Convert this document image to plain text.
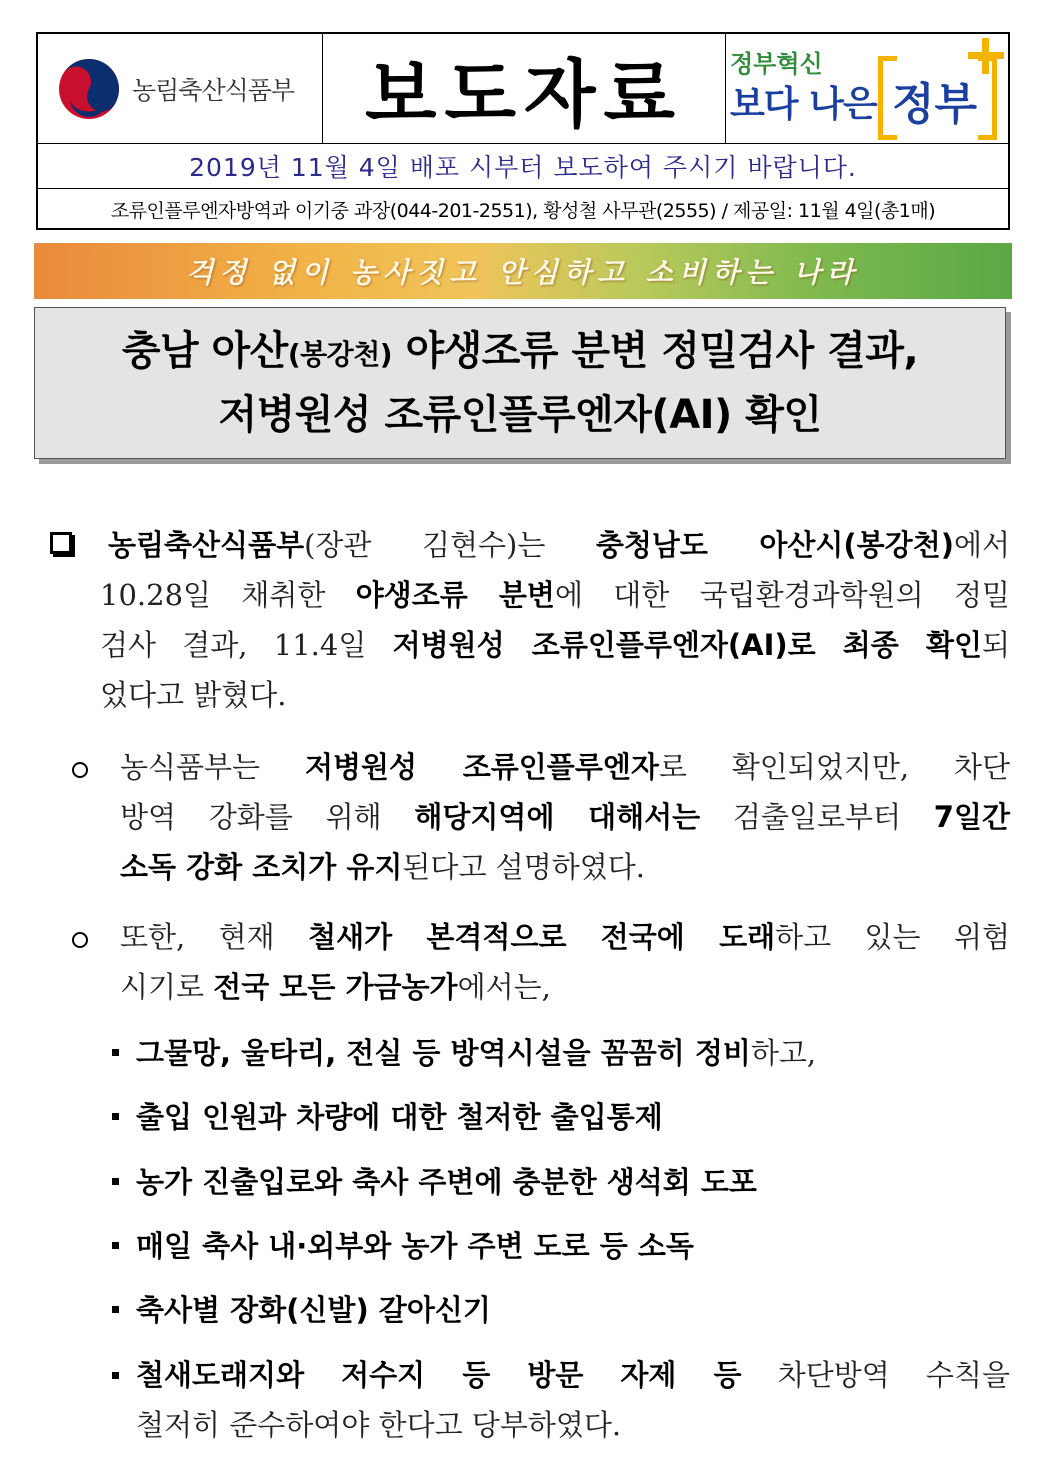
농림축산식품부 보도자료 정부혁신
보다 나은 정부
2019년 11월 4일 배포 시부터 보도하여 주시기 바랍니다.
조류인플루엔자방역과 이기중 과장(044-201-2551), 황성철 사무관(2555) / 제공일: 11월 4일(총1매)
걱정 없이 농사짓고 안심하고 소비하는 나라
충남 아산(봉강천) 야생조류 분변 정밀검사 결과,
저병원성 조류인플루엔자(AI) 확인
농림축산식품부(장관 김현수)는 충청남도 아산시(봉강천)에서
10.28일 채취한 야생조류 분변에 대한 국립환경과학원의 정밀
검사 결과, 11.4일 저병원성 조류인플루엔자(AI)로 최종 확인되
었다고 밝혔다.
농식품부는 저병원성 조류인플루엔자로 확인되었지만, 차단
방역 강화를 위해 해당지역에 대해서는 검출일로부터 7일간
소독 강화 조치가 유지된다고 설명하였다.
또한, 현재 철새가 본격적으로 전국에 도래하고 있는 위험
시기로 전국 모든 가금농가에서는,
그물망, 울타리, 전실 등 방역시설을 꼼꼼히 정비하고,
출입 인원과 차량에 대한 철저한 출입통제
농가 진출입로와 축사 주변에 충분한 생석회 도포
매일 축사 내·외부와 농가 주변 도로 등 소독
축사별 장화(신발) 갈아신기
철새도래지와 저수지 등 방문 자제 등 차단방역 수칙을
철저히 준수하여야 한다고 당부하였다.
